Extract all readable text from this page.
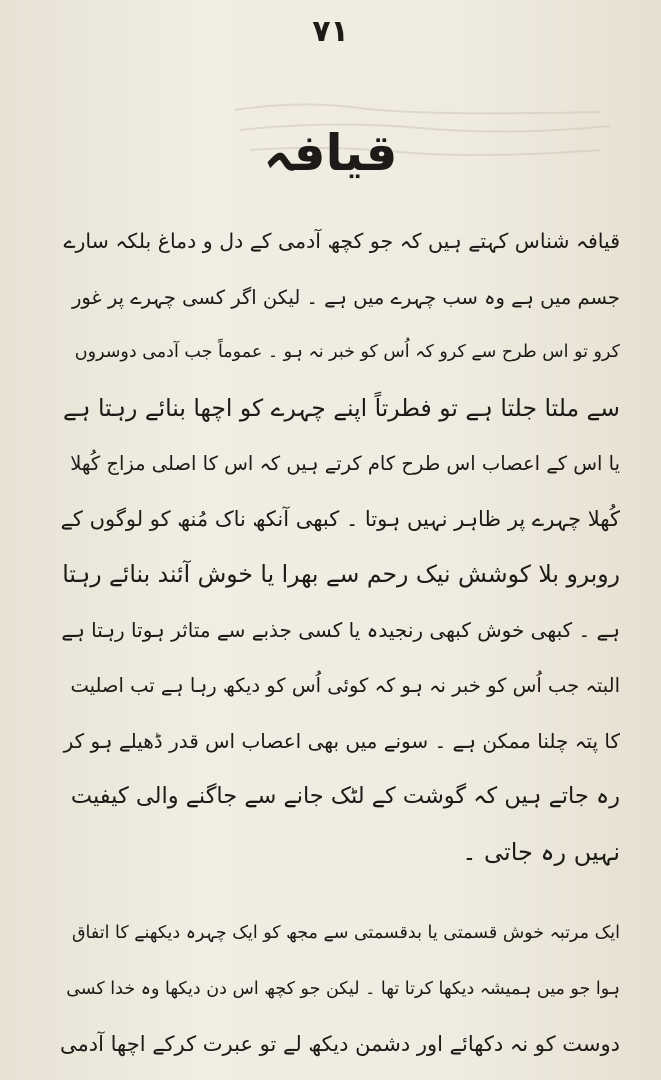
۷۱
قیافہ
قیافہ شناس کہتے ہیں کہ جو کچھ آدمی کے دل و دماغ بلکہ سارے
جسم میں ہے وہ سب چہرے میں ہے ۔ لیکن اگر کسی چہرے پر غور
کرو تو اس طرح سے کرو کہ اُس کو خبر نہ ہو ۔ عموماً جب آدمی دوسروں
سے ملتا جلتا ہے تو فطرتاً اپنے چہرے کو اچھا بنائے رہتا ہے
یا اس کے اعصاب اس طرح کام کرتے ہیں کہ اس کا اصلی مزاج کُھلا
کُھلا چہرے پر ظاہر نہیں ہوتا ۔ کبھی آنکھ ناک مُنھ کو لوگوں کے
روبرو بلا کوشش نیک رحم سے بھرا یا خوش آئند بنائے رہتا
ہے ۔ کبھی خوش کبھی رنجیدہ یا کسی جذبے سے متاثر ہوتا رہتا ہے
البتہ جب اُس کو خبر نہ ہو کہ کوئی اُس کو دیکھ رہا ہے تب اصلیت
کا پتہ چلنا ممکن ہے ۔ سونے میں بھی اعصاب اس قدر ڈھیلے ہو کر
رہ جاتے ہیں کہ گوشت کے لٹک جانے سے جاگنے والی کیفیت
نہیں رہ جاتی ۔
ایک مرتبہ خوش قسمتی یا بدقسمتی سے مجھ کو ایک چہرہ دیکھنے کا اتفاق
ہوا جو میں ہمیشہ دیکھا کرتا تھا ۔ لیکن جو کچھ اس دن دیکھا وہ خدا کسی
دوست کو نہ دکھائے اور دشمن دیکھ لے تو عبرت کرکے اچھا آدمی
